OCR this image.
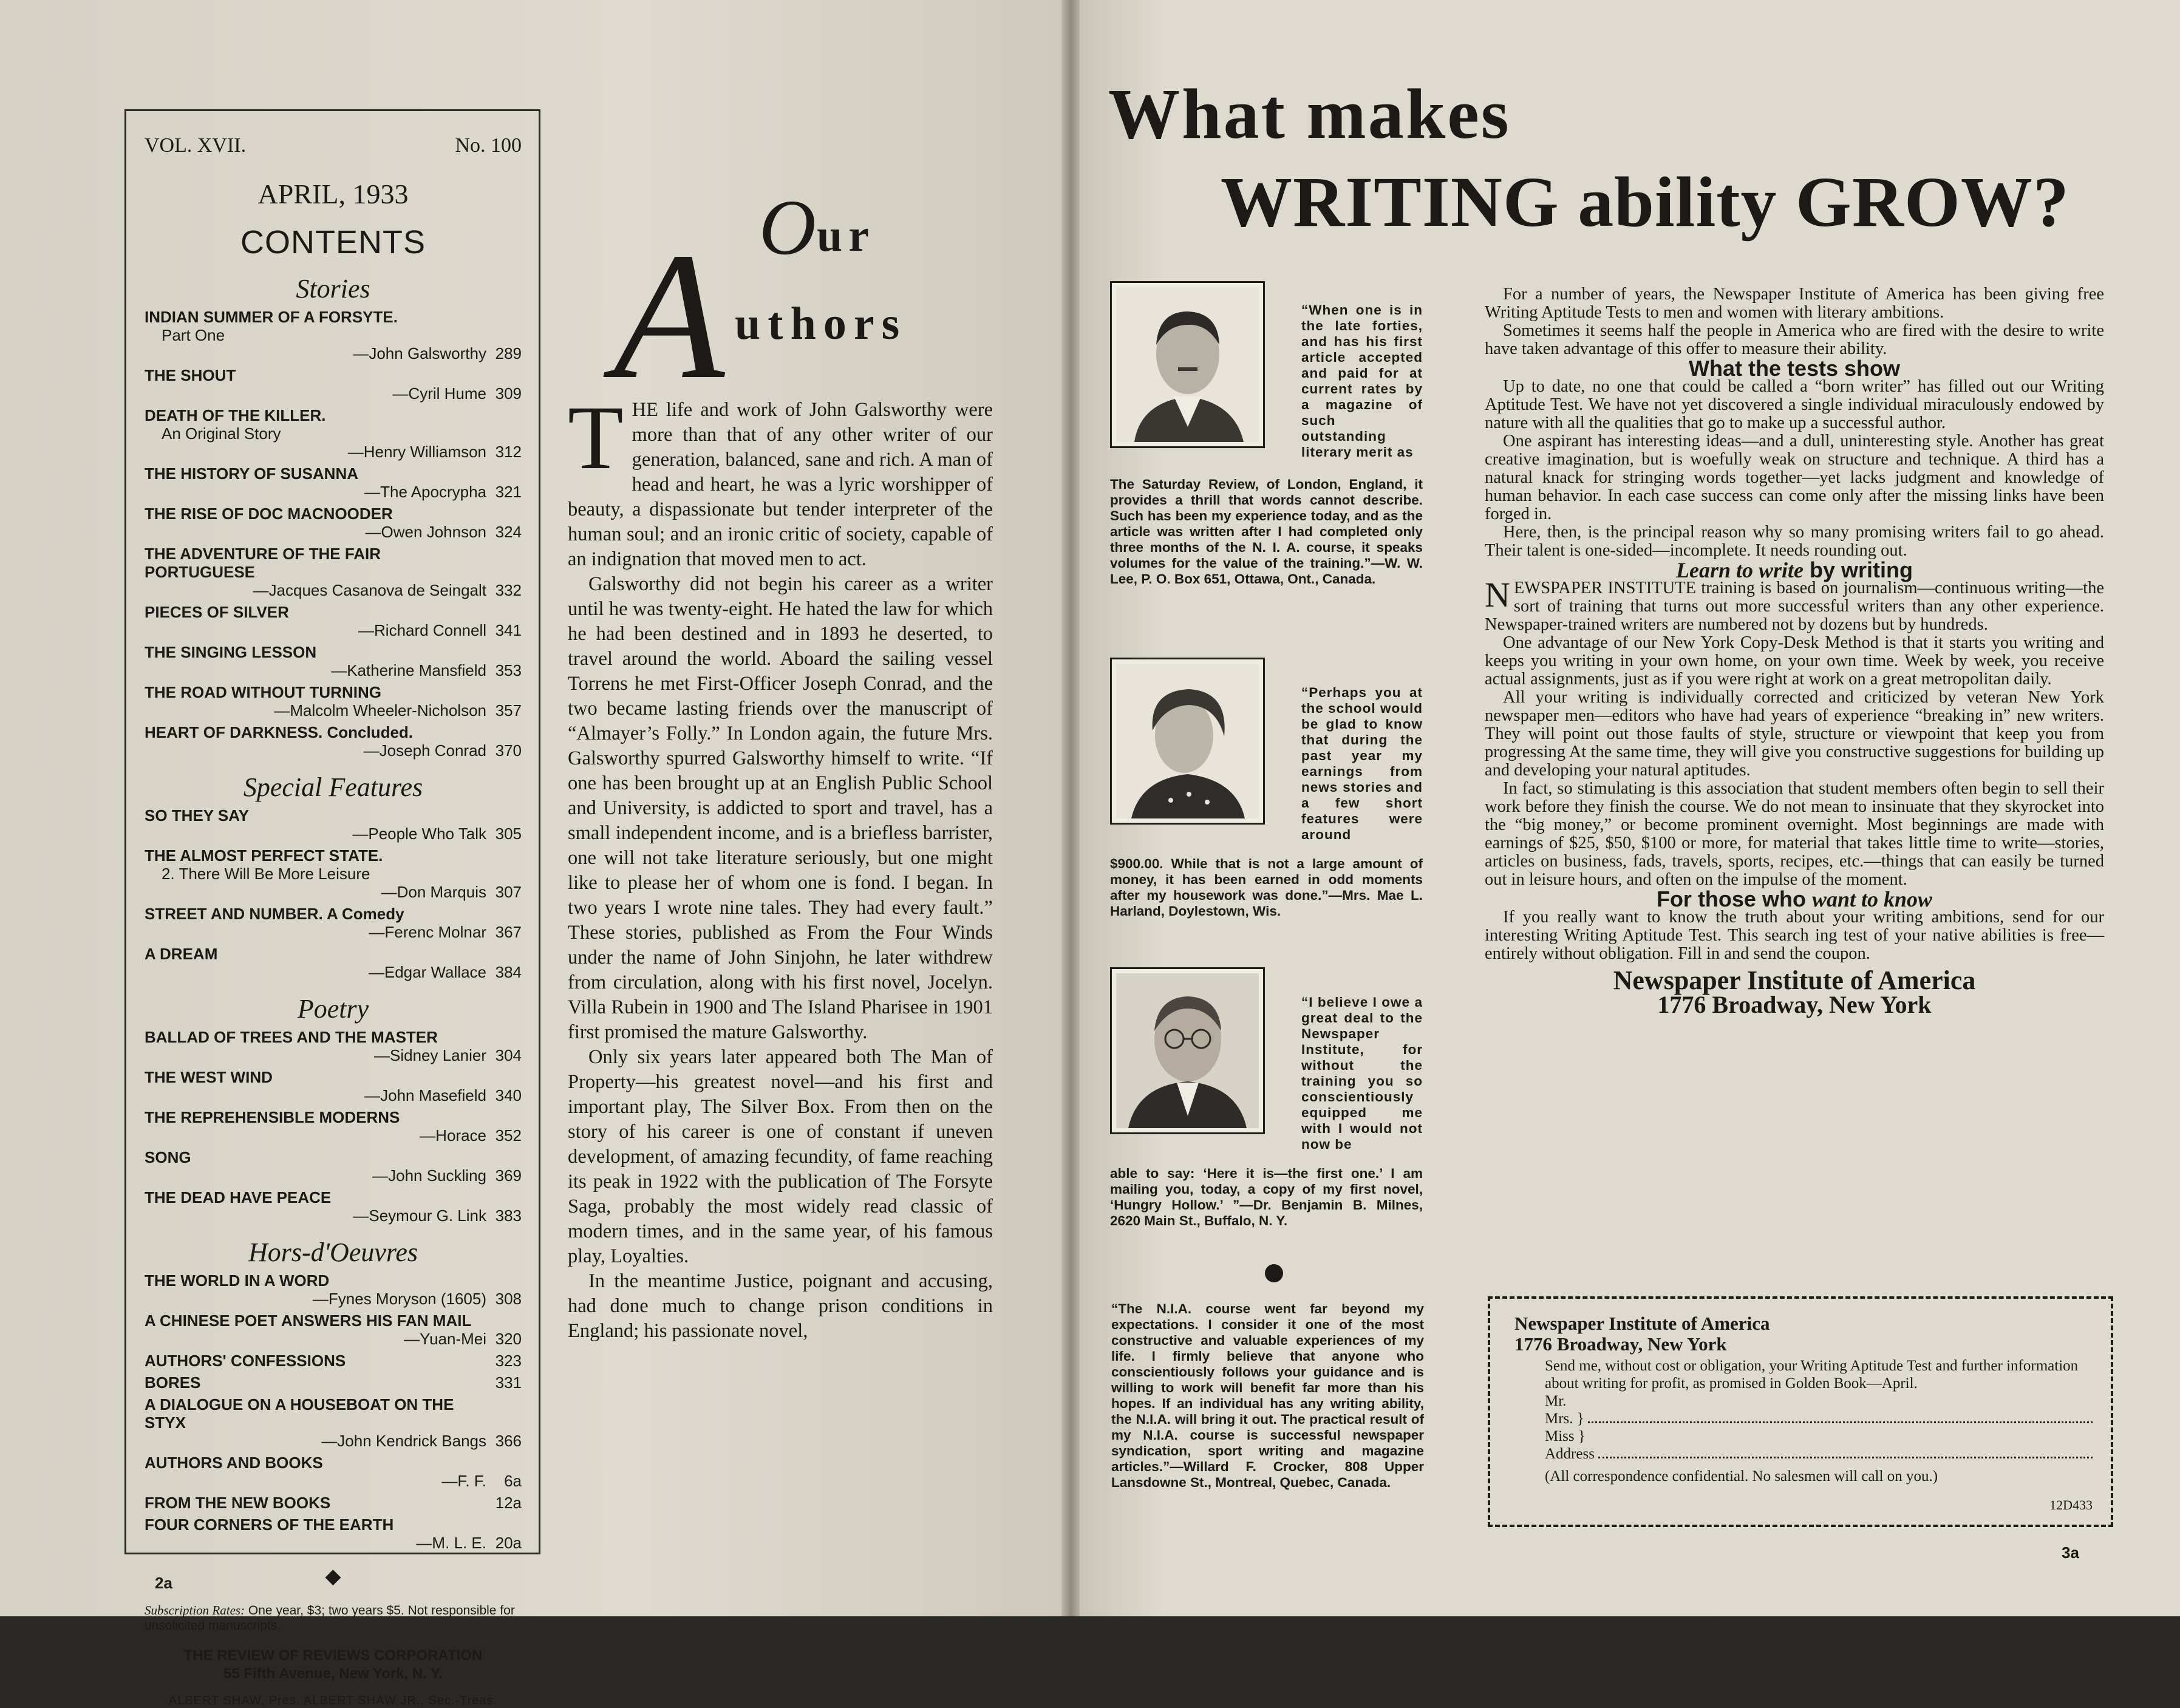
VOL. XVII.	No. 100
APRIL, 1933
CONTENTS
Stories
INDIAN SUMMER OF A FORSYTE.
Part One
—John Galsworthy 289
THE SHOUT
—Cyril Hume 309
DEATH OF THE KILLER.
An Original Story
—Henry Williamson 312
THE HISTORY OF SUSANNA
—The Apocrypha 321
THE RISE OF DOC MACNOODER
—Owen Johnson 324
THE ADVENTURE OF THE FAIR PORTUGUESE
—Jacques Casanova de Seingalt 332
PIECES OF SILVER
—Richard Connell 341
THE SINGING LESSON
—Katherine Mansfield 353
THE ROAD WITHOUT TURNING
—Malcolm Wheeler-Nicholson 357
HEART OF DARKNESS. Concluded.
—Joseph Conrad 370
Special Features
SO THEY SAY
—People Who Talk 305
THE ALMOST PERFECT STATE.
2. There Will Be More Leisure
—Don Marquis 307
STREET AND NUMBER. A Comedy
—Ferenc Molnar 367
A DREAM
—Edgar Wallace 384
Poetry
BALLAD OF TREES AND THE MASTER
—Sidney Lanier 304
THE WEST WIND
—John Masefield 340
THE REPREHENSIBLE MODERNS
—Horace 352
SONG
—John Suckling 369
THE DEAD HAVE PEACE
—Seymour G. Link 383
Hors-d'Oeuvres
THE WORLD IN A WORD
—Fynes Moryson (1605) 308
A CHINESE POET ANSWERS HIS FAN MAIL
—Yuan-Mei 320
AUTHORS' CONFESSIONS	323
BORES	331
A DIALOGUE ON A HOUSEBOAT ON THE STYX
—John Kendrick Bangs 366
AUTHORS AND BOOKS
—F. F. 6a
FROM THE NEW BOOKS	12a
FOUR CORNERS OF THE EARTH
—M. L. E. 20a
◆
Subscription Rates: One year, $3; two years $5. Not responsible for unsolicited manuscripts.
THE REVIEW OF REVIEWS CORPORATION
55 Fifth Avenue, New York, N. Y.
ALBERT SHAW, Pres. ALBERT SHAW JR., Sec.-Treas.
2a
A O ur
uthors

THE life and work of John Galsworthy were more than that of any other writer of our generation, balanced, sane and rich. A man of head and heart, he was a lyric worshipper of beauty, a dispassionate but tender interpreter of the human soul; and an ironic critic of society, capable of an indignation that moved men to act.

Galsworthy did not begin his career as a writer until he was twenty-eight. He hated the law for which he had been destined and in 1893 he deserted, to travel around the world. Aboard the sailing vessel Torrens he met First-Officer Joseph Conrad, and the two became lasting friends over the manuscript of “Almayer’s Folly.” In London again, the future Mrs. Galsworthy spurred Galsworthy himself to write. “If one has been brought up at an English Public School and University, is addicted to sport and travel, has a small independent income, and is a briefless barrister, one will not take literature seriously, but one might like to please her of whom one is fond. I began. In two years I wrote nine tales. They had every fault.” These stories, published as From the Four Winds under the name of John Sinjohn, he later withdrew from circulation, along with his first novel, Jocelyn. Villa Rubein in 1900 and The Island Pharisee in 1901 first promised the mature Galsworthy.

Only six years later appeared both The Man of Property—his greatest novel—and his first and important play, The Silver Box. From then on the story of his career is one of constant if uneven development, of amazing fecundity, of fame reaching its peak in 1922 with the publication of The Forsyte Saga, probably the most widely read classic of modern times, and in the same year, of his famous play, Loyalties.

In the meantime Justice, poignant and accusing, had done much to change prison conditions in England; his passionate novel,

What makes
WRITING ability GROW?
“When one is in the late forties, and has his first article accepted and paid for at current rates by a magazine of such outstanding literary merit as
The Saturday Review, of London, England, it provides a thrill that words cannot describe. Such has been my experience today, and as the article was written after I had completed only three months of the N. I. A. course, it speaks volumes for the value of the training.”—W. W. Lee, P. O. Box 651, Ottawa, Ont., Canada.
“Perhaps you at the school would be glad to know that during the past year my earnings from news stories and a few short features were around
$900.00. While that is not a large amount of money, it has been earned in odd moments after my housework was done.”—Mrs. Mae L. Harland, Doylestown, Wis.
“I believe I owe a great deal to the Newspaper Institute, for without the training you so conscientiously equipped me with I would not now be
able to say: ‘Here it is—the first one.’ I am mailing you, today, a copy of my first novel, ‘Hungry Hollow.’ ”—Dr. Benjamin B. Milnes, 2620 Main St., Buffalo, N. Y.
“The N.I.A. course went far beyond my expectations. I consider it one of the most constructive and valuable experiences of my life. I firmly believe that anyone who conscientiously follows your guidance and is willing to work will benefit far more than his hopes. If an individual has any writing ability, the N.I.A. will bring it out. The practical result of my N.I.A. course is successful newspaper syndication, sport writing and magazine articles.”—Willard F. Crocker, 808 Upper Lansdowne St., Montreal, Quebec, Canada.

For a number of years, the Newspaper Institute of America has been giving free Writing Aptitude Tests to men and women with literary ambitions.

Sometimes it seems half the people in America who are fired with the desire to write have taken advantage of this offer to measure their ability.

What the tests show

Up to date, no one that could be called a “born writer” has filled out our Writing Aptitude Test. We have not yet discovered a single individual miraculously endowed by nature with all the qualities that go to make up a successful author.

One aspirant has interesting ideas—and a dull, uninteresting style. Another has great creative imagination, but is woefully weak on structure and technique. A third has a natural knack for stringing words together—yet lacks judgment and knowledge of human behavior. In each case success can come only after the missing links have been forged in.

Here, then, is the principal reason why so many promising writers fail to go ahead. Their talent is one-sided—incomplete. It needs rounding out.

Learn to write by writing

NEWSPAPER INSTITUTE training is based on journalism—continuous writing—the sort of training that turns out more successful writers than any other experience. Newspaper-trained writers are numbered not by dozens but by hundreds.

One advantage of our New York Copy-Desk Method is that it starts you writing and keeps you writing in your own home, on your own time. Week by week, you receive actual assignments, just as if you were right at work on a great metropolitan daily.

All your writing is individually corrected and criticized by veteran New York newspaper men—editors who have had years of experience “breaking in” new writers. They will point out those faults of style, structure or viewpoint that keep you from progressing At the same time, they will give you constructive suggestions for building up and developing your natural aptitudes.

In fact, so stimulating is this association that student members often begin to sell their work before they finish the course. We do not mean to insinuate that they skyrocket into the “big money,” or become prominent overnight. Most beginnings are made with earnings of $25, $50, $100 or more, for material that takes little time to write—stories, articles on business, fads, travels, sports, recipes, etc.—things that can easily be turned out in leisure hours, and often on the impulse of the moment.

For those who want to know

If you really want to know the truth about your writing ambitions, send for our interesting Writing Aptitude Test. This search ing test of your native abilities is free—entirely without obligation. Fill in and send the coupon.

Newspaper Institute of America
1776 Broadway, New York
Newspaper Institute of America
1776 Broadway, New York
Send me, without cost or obligation, your Writing Aptitude Test and further information about writing for profit, as promised in Golden Book—April.
Mr.
Mrs. }
Miss }
Address
(All correspondence confidential. No salesmen will call on you.)
12D433
3a
